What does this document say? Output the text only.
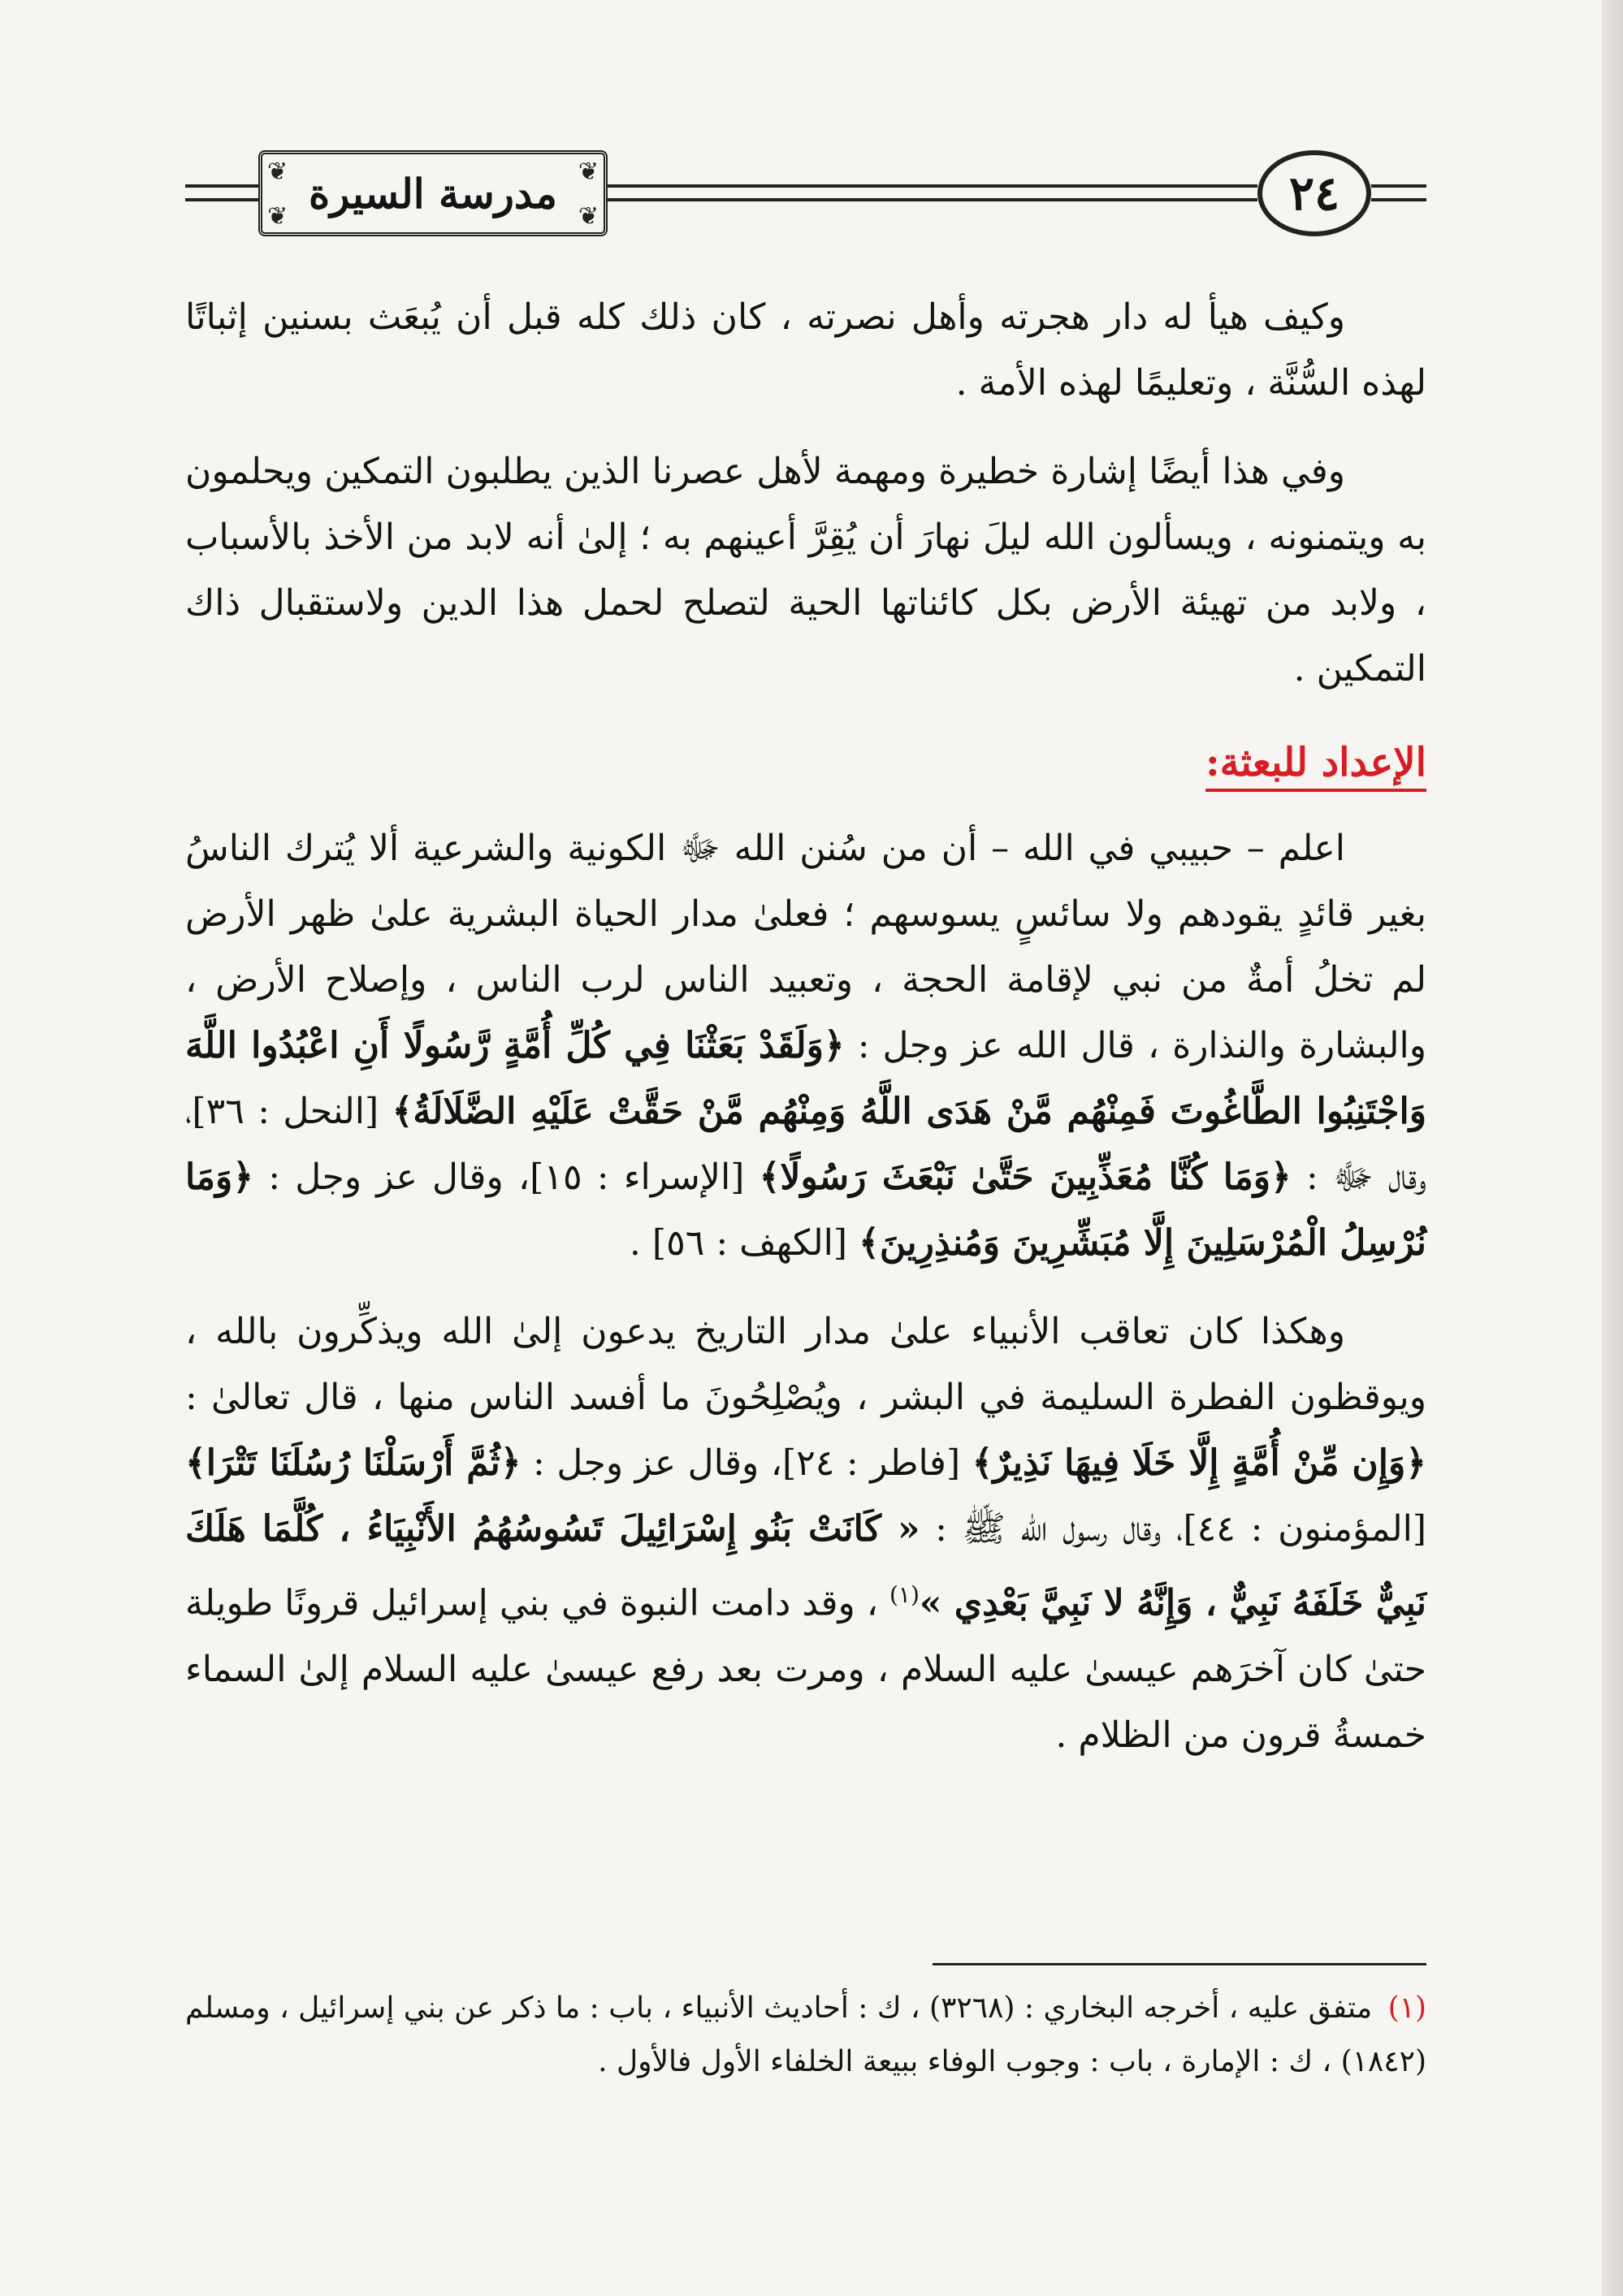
❦	❦
❦	❦
مدرسة السيرة	٢٤

وكيف هيأ له دار هجرته وأهل نصرته ، كان ذلك كله قبل أن يُبعَث بسنين إثباتًا لهذه السُّنَّة ، وتعليمًا لهذه الأمة .

وفي هذا أيضًا إشارة خطيرة ومهمة لأهل عصرنا الذين يطلبون التمكين ويحلمون به ويتمنونه ، ويسألون الله ليلَ نهارَ أن يُقِرَّ أعينهم به ؛ إلىٰ أنه لابد من الأخذ بالأسباب ، ولابد من تهيئة الأرض بكل كائناتها الحية لتصلح لحمل هذا الدين ولاستقبال ذاك التمكين .

الإعداد للبعثة:

اعلم – حبيبي في الله – أن من سُنن الله ﷻ الكونية والشرعية ألا يُترك الناسُ بغير قائدٍ يقودهم ولا سائسٍ يسوسهم ؛ فعلىٰ مدار الحياة البشرية علىٰ ظهر الأرض لم تخلُ أمةٌ من نبي لإقامة الحجة ، وتعبيد الناس لرب الناس ، وإصلاح الأرض ، والبشارة والنذارة ، قال الله عز وجل : ﴿وَلَقَدْ بَعَثْنَا فِي كُلِّ أُمَّةٍ رَّسُولًا أَنِ اعْبُدُوا اللَّهَ وَاجْتَنِبُوا الطَّاغُوتَ فَمِنْهُم مَّنْ هَدَى اللَّهُ وَمِنْهُم مَّنْ حَقَّتْ عَلَيْهِ الضَّلَالَةُ﴾ [النحل : ٣٦]، وقال ﷻ : ﴿وَمَا كُنَّا مُعَذِّبِينَ حَتَّىٰ نَبْعَثَ رَسُولًا﴾ [الإسراء : ١٥]، وقال عز وجل : ﴿وَمَا نُرْسِلُ الْمُرْسَلِينَ إِلَّا مُبَشِّرِينَ وَمُنذِرِينَ﴾ [الكهف : ٥٦] .

وهكذا كان تعاقب الأنبياء علىٰ مدار التاريخ يدعون إلىٰ الله ويذكِّرون بالله ، ويوقظون الفطرة السليمة في البشر ، ويُصْلِحُونَ ما أفسد الناس منها ، قال تعالىٰ : ﴿وَإِن مِّنْ أُمَّةٍ إِلَّا خَلَا فِيهَا نَذِيرٌ﴾ [فاطر : ٢٤]، وقال عز وجل : ﴿ثُمَّ أَرْسَلْنَا رُسُلَنَا تَتْرَا﴾ [المؤمنون : ٤٤]، وقال رسول الله ﷺ : « كَانَتْ بَنُو إِسْرَائِيلَ تَسُوسُهُمُ الأَنْبِيَاءُ ، كُلَّمَا هَلَكَ نَبِيٌّ خَلَفَهُ نَبِيٌّ ، وَإِنَّهُ لا نَبِيَّ بَعْدِي »$^{(١)}$ ، وقد دامت النبوة في بني إسرائيل قرونًا طويلة حتىٰ كان آخرَهم عيسىٰ عليه السلام ، ومرت بعد رفع عيسىٰ عليه السلام إلىٰ السماء خمسةُ قرون من الظلام .

(١) متفق عليه ، أخرجه البخاري : (٣٢٦٨) ، ك : أحاديث الأنبياء ، باب : ما ذكر عن بني إسرائيل ، ومسلم (١٨٤٢) ، ك : الإمارة ، باب : وجوب الوفاء ببيعة الخلفاء الأول فالأول .
